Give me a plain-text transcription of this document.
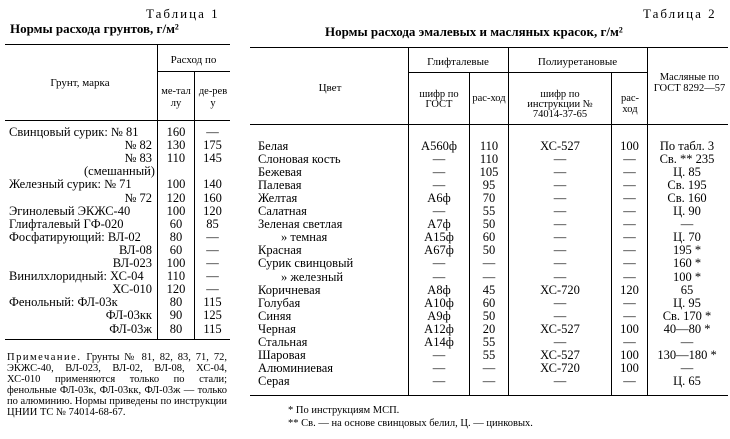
Таблица 1
Нормы расхода грунтов, г/м²
Грунт, марка
Расход по
ме-таллу
де-реву
Свинцовый сурик: № 81	160	—
№ 82	130	175
№ 83	110	145
(смешанный)
Железный сурик: № 71	100	140
№ 72	120	160
Эгинолевый ЭКЖС-40	100	120
Глифталевый ГФ-020	60	85
Фосфатирующий: ВЛ-02	80	—
ВЛ-08	60	—
ВЛ-023	100	—
Винилхлоридный: ХС-04	110	—
ХС-010	120	—
Фенольный: ФЛ-03к	80	115
ФЛ-03кк	90	125
ФЛ-03ж	80	115
Примечание. Грунты № 81, 82, 83, 71, 72, ЭКЖС-40, ВЛ-023, ВЛ-02, ВЛ-08, ХС-04, ХС-010 применяются только по стали; фенольные ФЛ-03к, ФЛ-03кк, ФЛ-03ж — только по алюминию. Нормы приведены по инструкции ЦНИИ ТС № 74014-68-67.
Таблица 2
Нормы расхода эмалевых и масляных красок, г/м²
Цвет
Глифталевые	Полиуретановые
Масляные по ГОСТ 8292—57
шифр по ГОСТ
рас-ход	шифр по инструкции № 74014-37-65
рас-ход
Белая	А560ф	110	ХС-527	100	По табл. 3
Слоновая кость	—	110	—	—	Св. ** 235
Бежевая	—	105	—	—	Ц. 85
Палевая	—	95	—	—	Св. 195
Желтая	А6ф	70	—	—	Св. 160
Салатная	—	55	—	—	Ц. 90
Зеленая светлая	А7ф	50	—	—	—
» темная	А15ф	60	—	—	Ц. 70
Красная	А67ф	50	—	—	195 *
Сурик свинцовый	—	—	—	—	160 *
» железный	—	—	—	—	100 *
Коричневая	А8ф	45	ХС-720	120	65
Голубая	А10ф	60	—	—	Ц. 95
Синяя	А9ф	50	—	—	Св. 170 *
Черная	А12ф	20	ХС-527	100	40—80 *
Стальная	А14ф	55	—	—	—
Шаровая	—	55	ХС-527	100	130—180 *
Алюминиевая	—	—	ХС-720	100	—
Серая	—	—	—	—	Ц. 65
* По инструкциям МСП.
** Св. — на основе свинцовых белил, Ц. — цинковых.
